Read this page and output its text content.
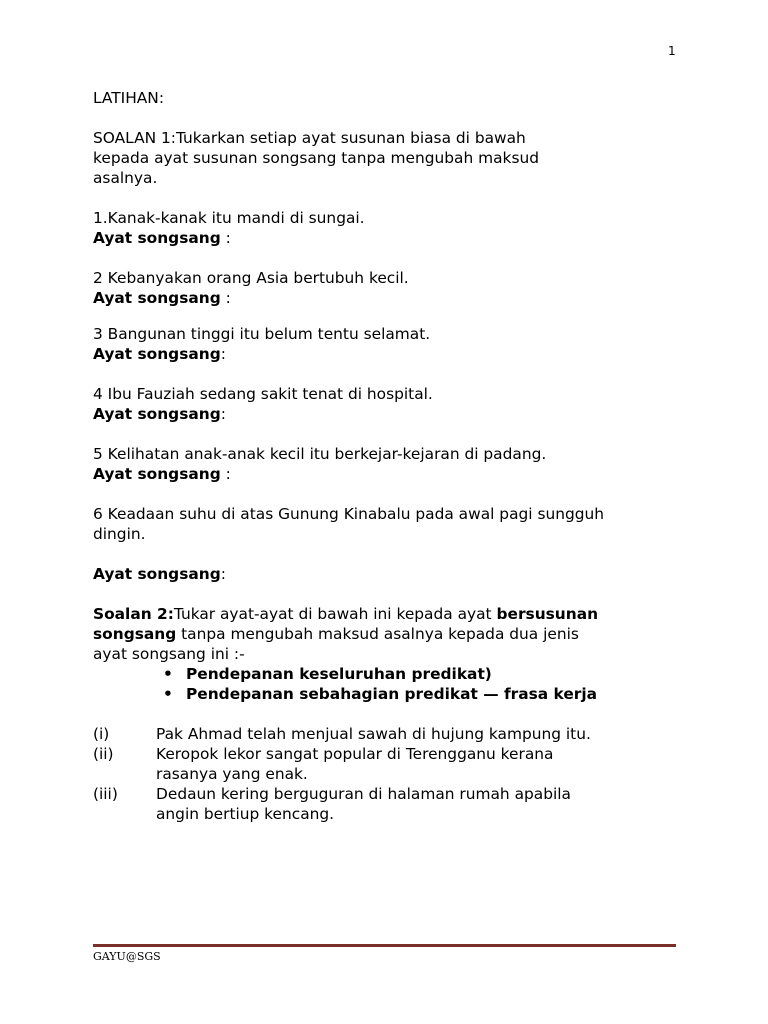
1

LATIHAN:

SOALAN 1:Tukarkan setiap ayat susunan biasa di bawah

kepada ayat susunan songsang tanpa mengubah maksud

asalnya.

1.Kanak-kanak itu mandi di sungai.

Ayat songsang :

2 Kebanyakan orang Asia bertubuh kecil.

Ayat songsang :

3 Bangunan tinggi itu belum tentu selamat.

Ayat songsang:

4 Ibu Fauziah sedang sakit tenat di hospital.

Ayat songsang:

5 Kelihatan anak-anak kecil itu berkejar-kejaran di padang.

Ayat songsang :

6 Keadaan suhu di atas Gunung Kinabalu pada awal pagi sungguh

dingin.

Ayat songsang:

Soalan 2:Tukar ayat-ayat di bawah ini kepada ayat bersusunan

songsang tanpa mengubah maksud asalnya kepada dua jenis

ayat songsang ini :-

• Pendepanan keseluruhan predikat)
• Pendepanan sebahagian predikat — frasa kerja
(i)	Pak Ahmad telah menjual sawah di hujung kampung itu.

(ii)	Keropok lekor sangat popular di Terengganu kerana

rasanya yang enak.

(iii)	Dedaun kering berguguran di halaman rumah apabila

angin bertiup kencang.

GAYU@SGS
